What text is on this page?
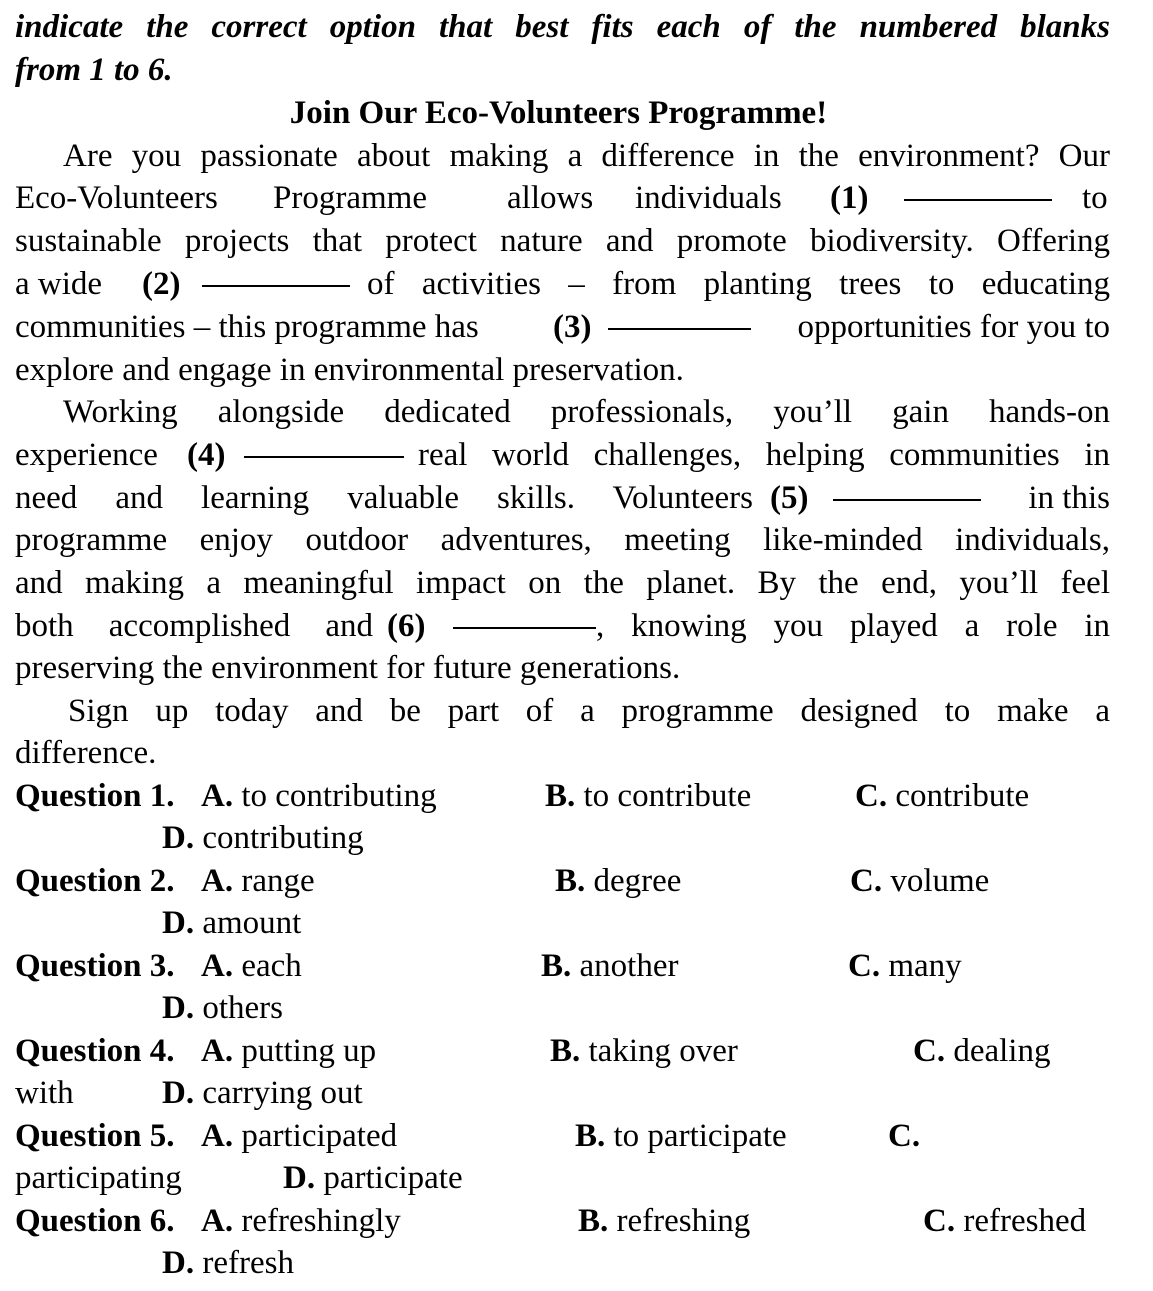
indicate the correct option that best fits each of the numbered blanks
from 1 to 6.
Join Our Eco-Volunteers Programme!
Are you passionate about making a difference in the environment? Our
Eco-Volunteers Programme allows individuals (1)	to
sustainable projects that protect nature and promote biodiversity. Offering
a wide (2)	of activities – from planting trees to educating
communities – this programme has (3)	opportunities for you to
explore and engage in environmental preservation.
Working alongside dedicated professionals, you’ll gain hands-on
experience (4)	real world challenges, helping communities in
need and learning valuable skills. Volunteers (5)	in this
programme enjoy outdoor adventures, meeting like-minded individuals,
and making a meaningful impact on the planet. By the end, you’ll feel
both accomplished and (6)	, knowing you played a role in
preserving the environment for future generations.
Sign up today and be part of a programme designed to make a
difference.
Question 1. A. to contributing	B. to contribute	C. contribute
D. contributing
Question 2. A. range	B. degree	C. volume
D. amount
Question 3. A. each	B. another	C. many
D. others
Question 4. A. putting up	B. taking over	C. dealing
with	D. carrying out
Question 5. A. participated	B. to participate	C.
participating	D. participate
Question 6. A. refreshingly	B. refreshing	C. refreshed
D. refresh
